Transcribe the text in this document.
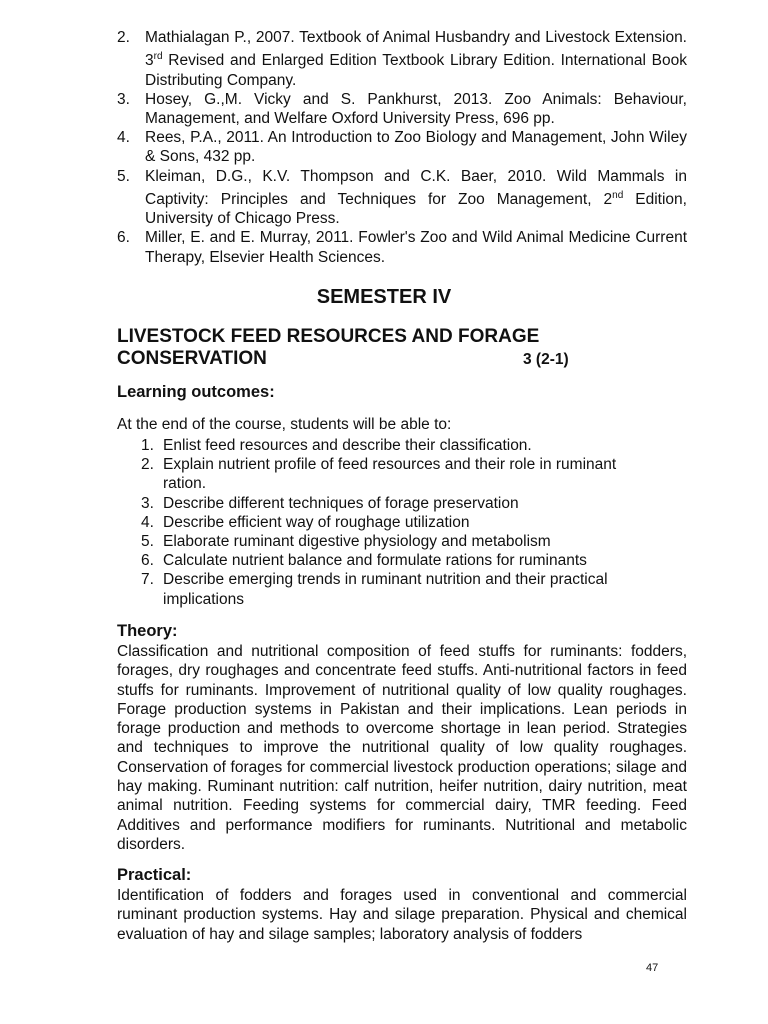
2. Mathialagan P., 2007. Textbook of Animal Husbandry and Livestock Extension. 3rd Revised and Enlarged Edition Textbook Library Edition. International Book Distributing Company.
3. Hosey, G.,M. Vicky and S. Pankhurst, 2013. Zoo Animals: Behaviour, Management, and Welfare Oxford University Press, 696 pp.
4. Rees, P.A., 2011. An Introduction to Zoo Biology and Management, John Wiley & Sons, 432 pp.
5. Kleiman, D.G., K.V. Thompson and C.K. Baer, 2010. Wild Mammals in Captivity: Principles and Techniques for Zoo Management, 2nd Edition, University of Chicago Press.
6. Miller, E. and E. Murray, 2011. Fowler's Zoo and Wild Animal Medicine Current Therapy, Elsevier Health Sciences.
SEMESTER IV
LIVESTOCK FEED RESOURCES AND FORAGE CONSERVATION	3 (2-1)
Learning outcomes:
At the end of the course, students will be able to:
1. Enlist feed resources and describe their classification.
2. Explain nutrient profile of feed resources and their role in ruminant ration.
3. Describe different techniques of forage preservation
4. Describe efficient way of roughage utilization
5. Elaborate ruminant digestive physiology and metabolism
6. Calculate nutrient balance and formulate rations for ruminants
7. Describe emerging trends in ruminant nutrition and their practical implications
Theory:

Classification and nutritional composition of feed stuffs for ruminants: fodders, forages, dry roughages and concentrate feed stuffs. Anti-nutritional factors in feed stuffs for ruminants. Improvement of nutritional quality of low quality roughages. Forage production systems in Pakistan and their implications. Lean periods in forage production and methods to overcome shortage in lean period. Strategies and techniques to improve the nutritional quality of low quality roughages. Conservation of forages for commercial livestock production operations; silage and hay making. Ruminant nutrition: calf nutrition, heifer nutrition, dairy nutrition, meat animal nutrition. Feeding systems for commercial dairy, TMR feeding. Feed Additives and performance modifiers for ruminants. Nutritional and metabolic disorders.

Practical:

Identification of fodders and forages used in conventional and commercial ruminant production systems. Hay and silage preparation. Physical and chemical evaluation of hay and silage samples; laboratory analysis of fodders

47
